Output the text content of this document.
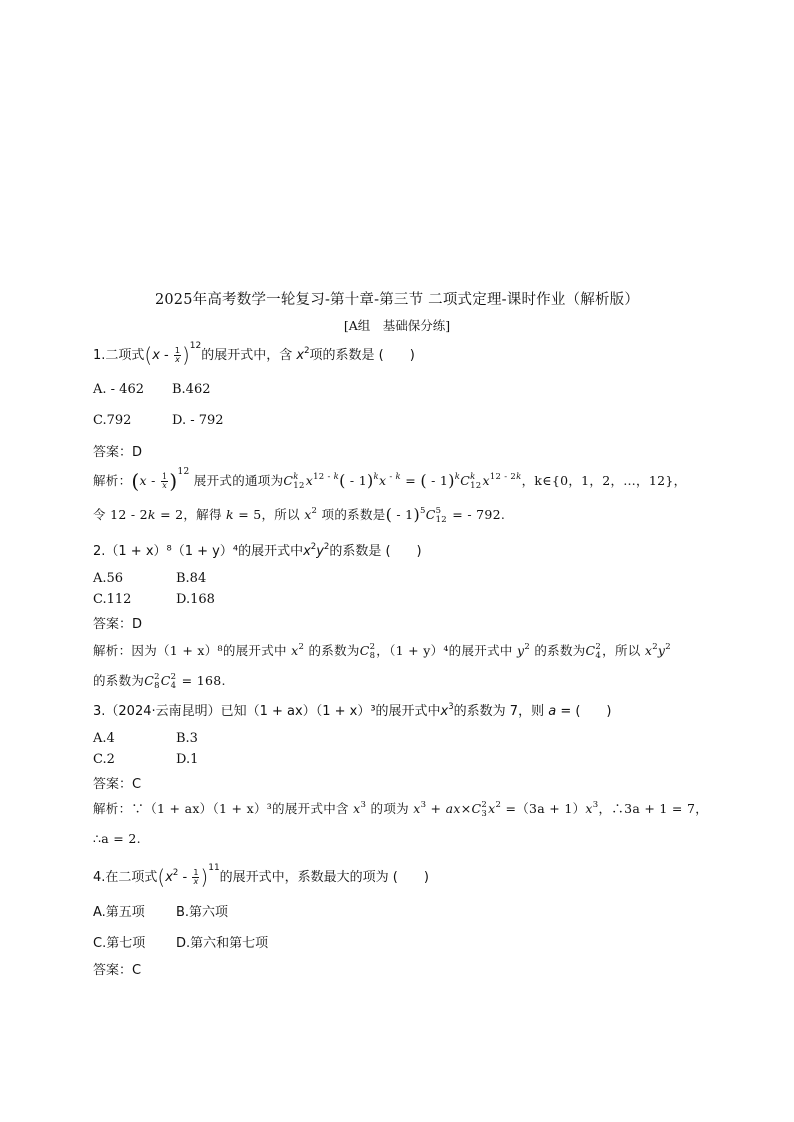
2025年高考数学一轮复习-第十章-第三节 二项式定理-课时作业（解析版）
[A组　基础保分练]
1.二项式$(x - \frac{1}{x} )^{12}$的展开式中，含 $x^2$项的系数是 (　　)
A. - 462 B.462
C.792	D. - 792
答案：D
解析：$(x - \frac{1}{x} )^{12}$ 展开式的通项为C k
12 $x^{12 - k}( - 1)^kx$ $^{- k}$ = ( - 1)$^k$C k
12 $x^{12 - 2k}$，k∈{0，1，2，…，12}，
令 12 - 2k = 2，解得 k = 5，所以 $x^2$ 项的系数是( - 1)$^5$C 5
12 = - 792.
2.（1 + x）⁸（1 + y）⁴的展开式中$x^2y^2$的系数是 (　　)
A.56	B.84
C.112	D.168
答案：D
解析：因为（1 + x）⁸的展开式中 $x^2$ 的系数为C 2
8 ，（1 + y）⁴的展开式中 $y^2$ 的系数为C 2
4 ，所以 $x^2y^2$
的系数为C 2
8 C 2
4 = 168.
3.（2024·云南昆明）已知（1 + ax）（1 + x）³的展开式中$x^3$的系数为 7，则 a = (　　)
A.4	B.3
C.2	D.1
答案：C
解析：∵（1 + ax）（1 + x）³的展开式中含 $x^3$ 的项为 $x^3 + ax\times C$ 2
3 $x^2 =(3a + 1)x^3$，∴3a + 1 = 7，
∴a = 2.
4.在二项式$(x^2 - \frac{1}{x} )^{11}$的展开式中，系数最大的项为 (　　)
A.第五项 B.第六项
C.第七项 D.第六和第七项
答案：C
